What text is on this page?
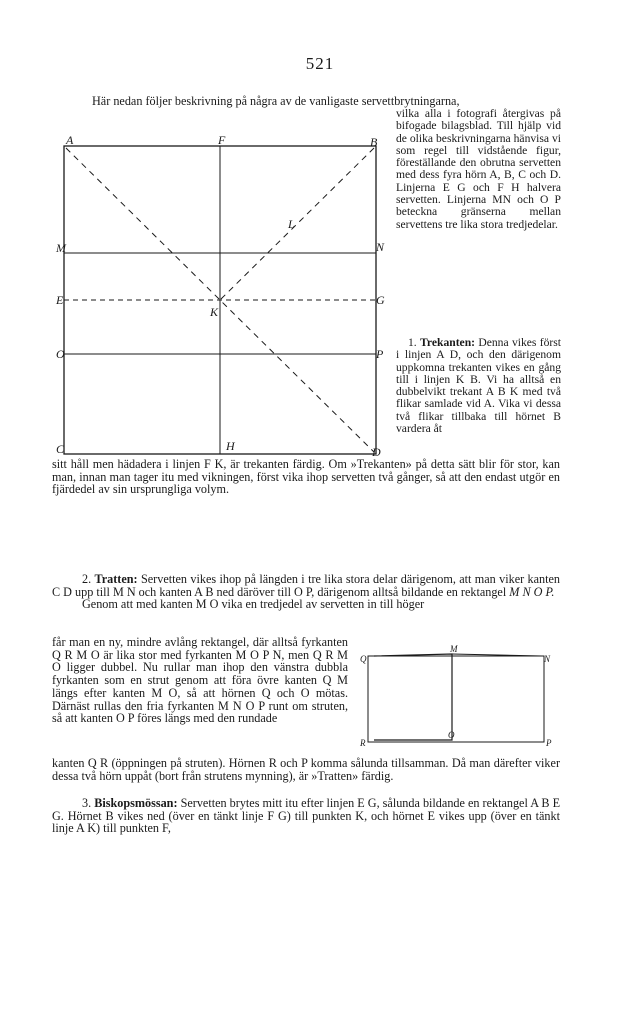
521
Här nedan följer beskrivning på några av de vanligaste servettbrytningarna,
A	F	B
L
M	N
E
K
G
O	P
C	H	D

vilka alla i fotografi återgivas på bifogade bilagsblad. Till hjälp vid de olika beskrivningarna hänvisa vi som regel till vidstående figur, föreställande den obrutna servetten med dess fyra hörn A, B, C och D. Linjerna E G och F H halvera servetten. Linjerna MN och O P beteckna gränserna mellan servettens tre lika stora tredjedelar.

1. Trekanten: Denna vikes först i linjen A D, och den därigenom uppkomna trekanten vikes en gång till i linjen K B. Vi ha alltså en dubbelvikt trekant A B K med två flikar samlade vid A. Vika vi dessa två flikar tillbaka till hörnet B vardera åt

sitt håll men hädadera i linjen F K, är trekanten färdig. Om »Trekanten» på detta sätt blir för stor, kan man, innan man tager itu med vikningen, först vika ihop servetten två gånger, så att den endast utgör en fjärdedel av sin ursprungliga volym.

2. Tratten: Servetten vikes ihop på längden i tre lika stora delar därigenom, att man viker kanten C D upp till M N och kanten A B ned däröver till O P, därigenom alltså bildande en rektangel M N O P.

Genom att med kanten M O vika en tredjedel av servetten in till höger

får man en ny, mindre avlång rektangel, där alltså fyrkanten Q R M O är lika stor med fyrkanten M O P N, men Q R M O ligger dubbel. Nu rullar man ihop den vänstra dubbla fyrkanten som en strut genom att föra övre kanten Q M längs efter kanten M O, så att hörnen Q och O mötas. Därnäst rullas den fria fyrkanten M N O P runt om struten, så att kanten O P föres längs med den rundade

Q
M
N
R
O
P

kanten Q R (öppningen på struten). Hörnen R och P komma sålunda tillsamman. Då man därefter viker dessa två hörn uppåt (bort från strutens mynning), är »Tratten» färdig.

3. Biskopsmössan: Servetten brytes mitt itu efter linjen E G, sålunda bildande en rektangel A B E G. Hörnet B vikes ned (över en tänkt linje F G) till punkten K, och hörnet E vikes upp (över en tänkt linje A K) till punkten F,
